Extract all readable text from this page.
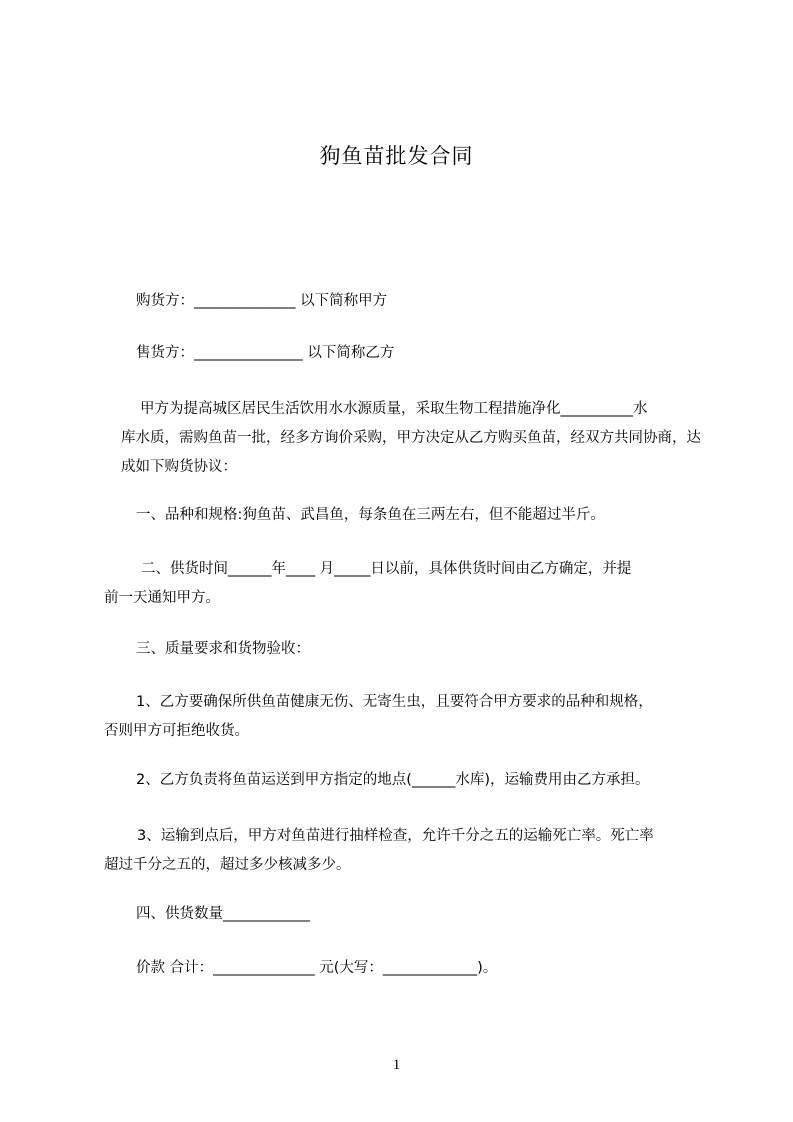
狗鱼苗批发合同
购货方：______________ 以下简称甲方
售货方：_______________ 以下简称乙方
甲方为提高城区居民生活饮用水水源质量，采取生物工程措施净化__________水
库水质，需购鱼苗一批，经多方询价采购，甲方决定从乙方购买鱼苗，经双方共同协商，达成如下购货协议：
一、品种和规格:狗鱼苗、武昌鱼，每条鱼在三两左右，但不能超过半斤。
二、供货时间______年____ 月_____日以前，具体供货时间由乙方确定，并提
前一天通知甲方。
三、质量要求和货物验收：
1、乙方要确保所供鱼苗健康无伤、无寄生虫，且要符合甲方要求的品种和规格，
否则甲方可拒绝收货。
2、乙方负责将鱼苗运送到甲方指定的地点(______水库)，运输费用由乙方承担。
3、运输到点后，甲方对鱼苗进行抽样检查，允许千分之五的运输死亡率。死亡率
超过千分之五的，超过多少核减多少。
四、供货数量____________
价款 合计：______________ 元(大写：_____________)。
1
